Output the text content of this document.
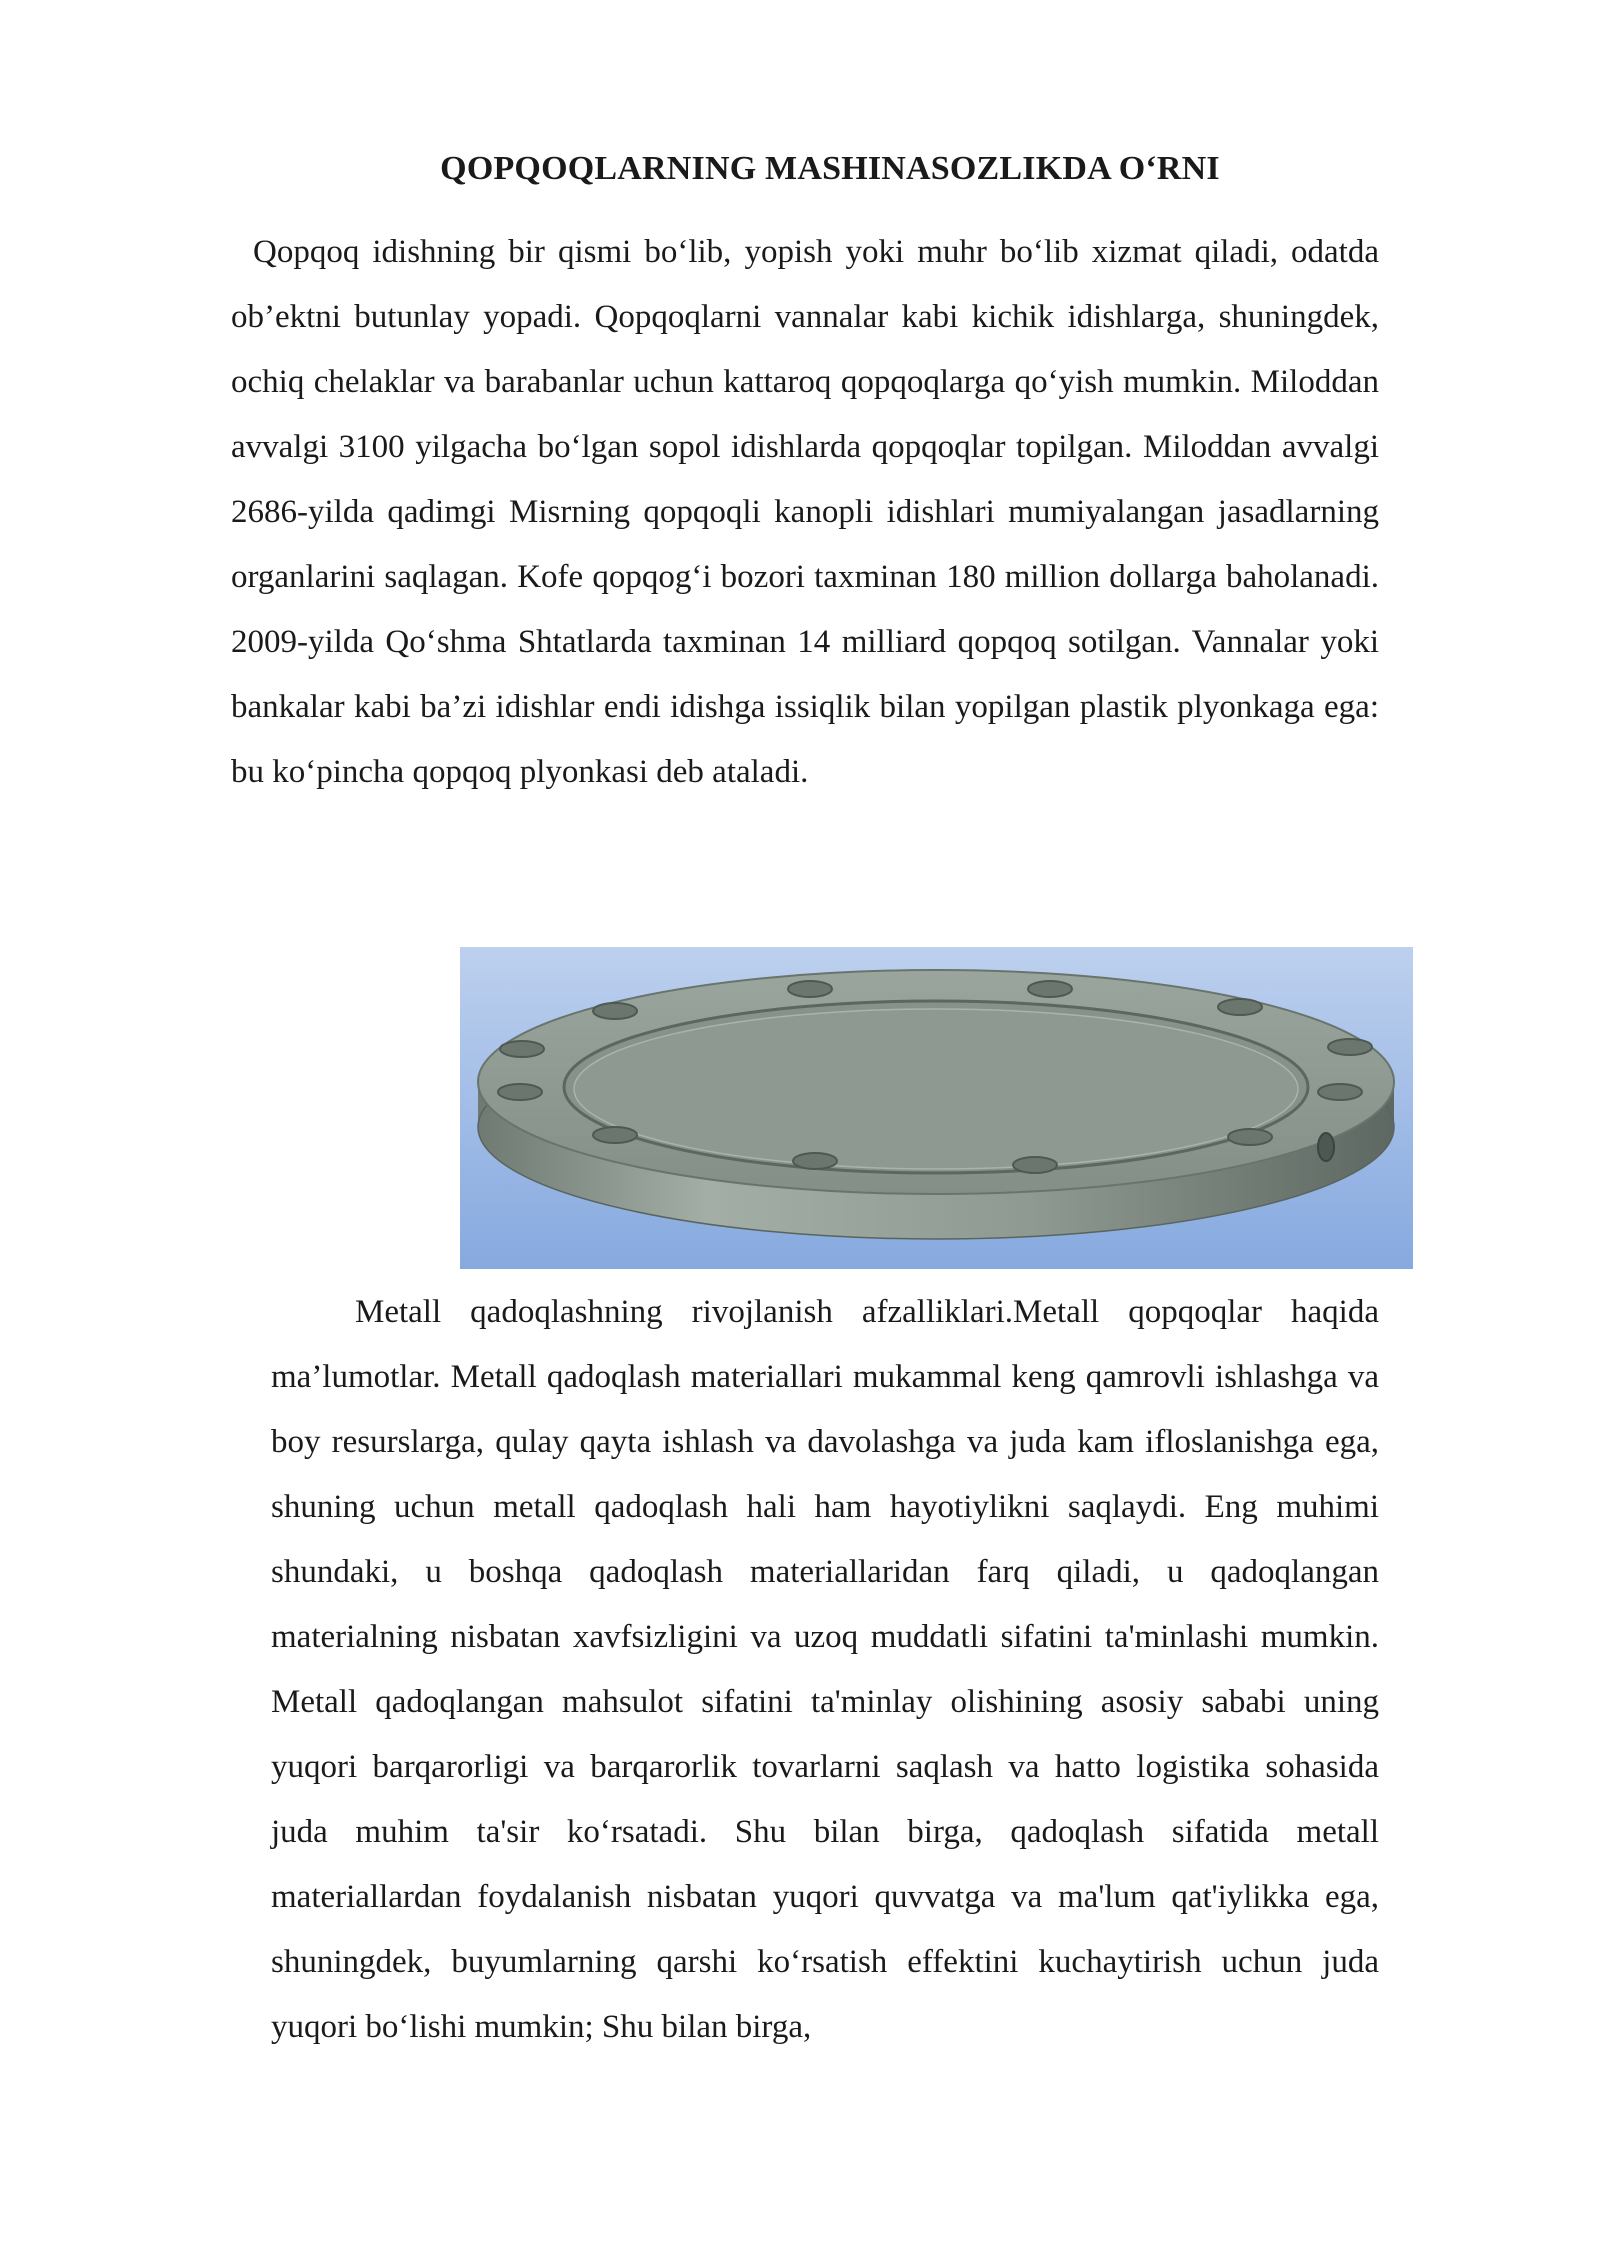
QOPQOQLARNING MASHINASOZLIKDA O‘RNI

Qopqoq idishning bir qismi bo‘lib, yopish yoki muhr bo‘lib xizmat qiladi, odatda ob’ektni butunlay yopadi. Qopqoqlarni vannalar kabi kichik idishlarga, shuningdek, ochiq chelaklar va barabanlar uchun kattaroq qopqoqlarga qo‘yish mumkin. Miloddan avvalgi 3100 yilgacha bo‘lgan sopol idishlarda qopqoqlar topilgan. Miloddan avvalgi 2686-yilda qadimgi Misrning qopqoqli kanopli idishlari mumiyalangan jasadlarning organlarini saqlagan. Kofe qopqog‘i bozori taxminan 180 million dollarga baholanadi. 2009-yilda Qo‘shma Shtatlarda taxminan 14 milliard qopqoq sotilgan. Vannalar yoki bankalar kabi ba’zi idishlar endi idishga issiqlik bilan yopilgan plastik plyonkaga ega: bu ko‘pincha qopqoq plyonkasi deb ataladi.

Metall qadoqlashning rivojlanish afzalliklari.Metall qopqoqlar haqida ma’lumotlar. Metall qadoqlash materiallari mukammal keng qamrovli ishlashga va boy resurslarga, qulay qayta ishlash va davolashga va juda kam ifloslanishga ega, shuning uchun metall qadoqlash hali ham hayotiylikni saqlaydi. Eng muhimi shundaki, u boshqa qadoqlash materiallaridan farq qiladi, u qadoqlangan materialning nisbatan xavfsizligini va uzoq muddatli sifatini ta'minlashi mumkin. Metall qadoqlangan mahsulot sifatini ta'minlay olishining asosiy sababi uning yuqori barqarorligi va barqarorlik tovarlarni saqlash va hatto logistika sohasida juda muhim ta'sir ko‘rsatadi. Shu bilan birga, qadoqlash sifatida metall materiallardan foydalanish nisbatan yuqori quvvatga va ma'lum qat'iylikka ega, shuningdek, buyumlarning qarshi ko‘rsatish effektini kuchaytirish uchun juda yuqori bo‘lishi mumkin; Shu bilan birga,
